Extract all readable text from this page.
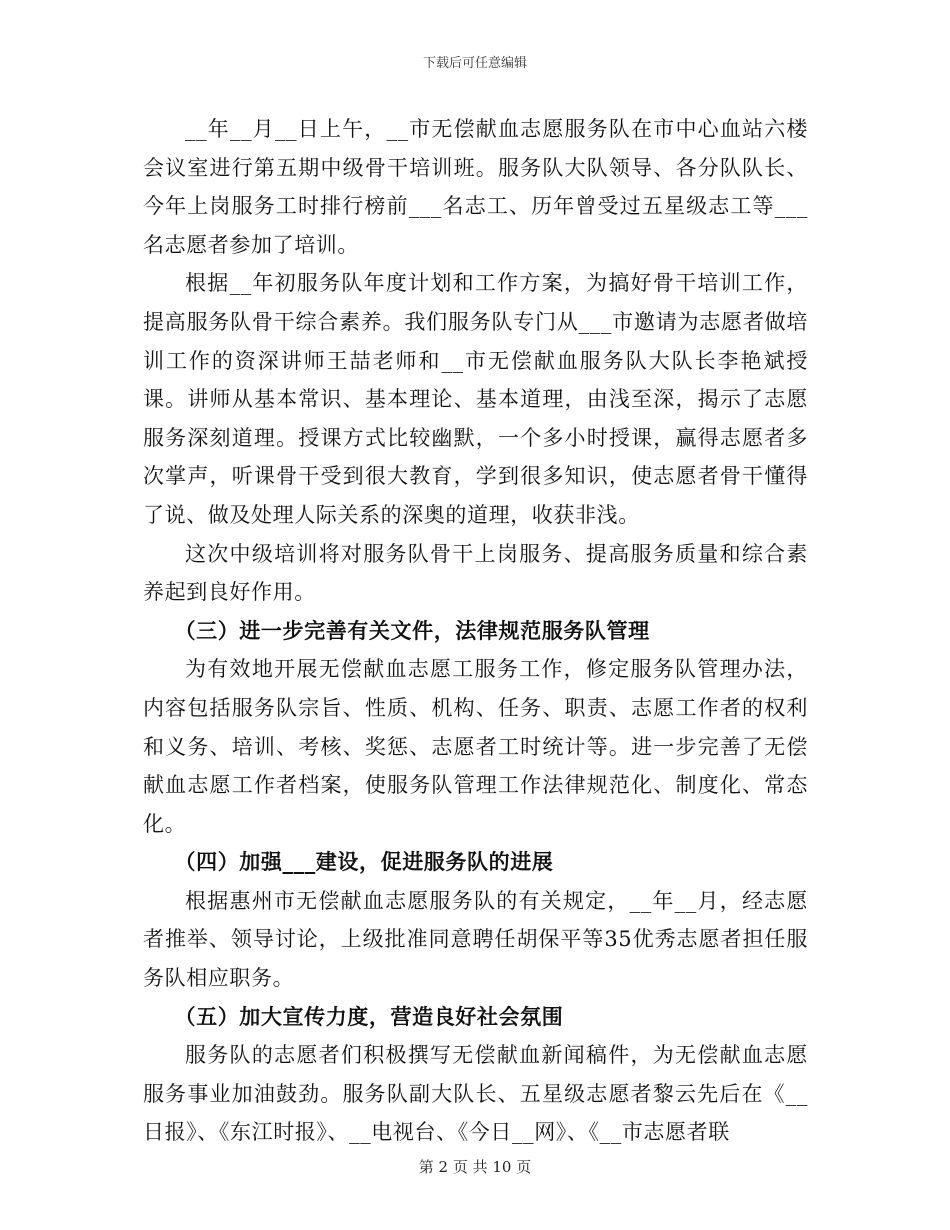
下载后可任意编辑

__年__月__日上午，__市无偿献血志愿服务队在市中心血站六楼会议室进行第五期中级骨干培训班。服务队大队领导、各分队队长、今年上岗服务工时排行榜前___名志工、历年曾受过五星级志工等___名志愿者参加了培训。

根据__年初服务队年度计划和工作方案，为搞好骨干培训工作，提高服务队骨干综合素养。我们服务队专门从___市邀请为志愿者做培训工作的资深讲师王喆老师和__市无偿献血服务队大队长李艳斌授课。讲师从基本常识、基本理论、基本道理，由浅至深，揭示了志愿服务深刻道理。授课方式比较幽默，一个多小时授课，赢得志愿者多次掌声，听课骨干受到很大教育，学到很多知识，使志愿者骨干懂得了说、做及处理人际关系的深奥的道理，收获非浅。

这次中级培训将对服务队骨干上岗服务、提高服务质量和综合素养起到良好作用。

（三）进一步完善有关文件，法律规范服务队管理

为有效地开展无偿献血志愿工服务工作，修定服务队管理办法，内容包括服务队宗旨、性质、机构、任务、职责、志愿工作者的权利和义务、培训、考核、奖惩、志愿者工时统计等。进一步完善了无偿献血志愿工作者档案，使服务队管理工作法律规范化、制度化、常态化。

（四）加强___建设，促进服务队的进展

根据惠州市无偿献血志愿服务队的有关规定，__年__月，经志愿者推举、领导讨论，上级批准同意聘任胡保平等35优秀志愿者担任服务队相应职务。

（五）加大宣传力度，营造良好社会氛围

服务队的志愿者们积极撰写无偿献血新闻稿件，为无偿献血志愿服务事业加油鼓劲。服务队副大队长、五星级志愿者黎云先后在《__日报》、《东江时报》、__电视台、《今日__网》、《__市志愿者联

第 2 页 共 10 页
